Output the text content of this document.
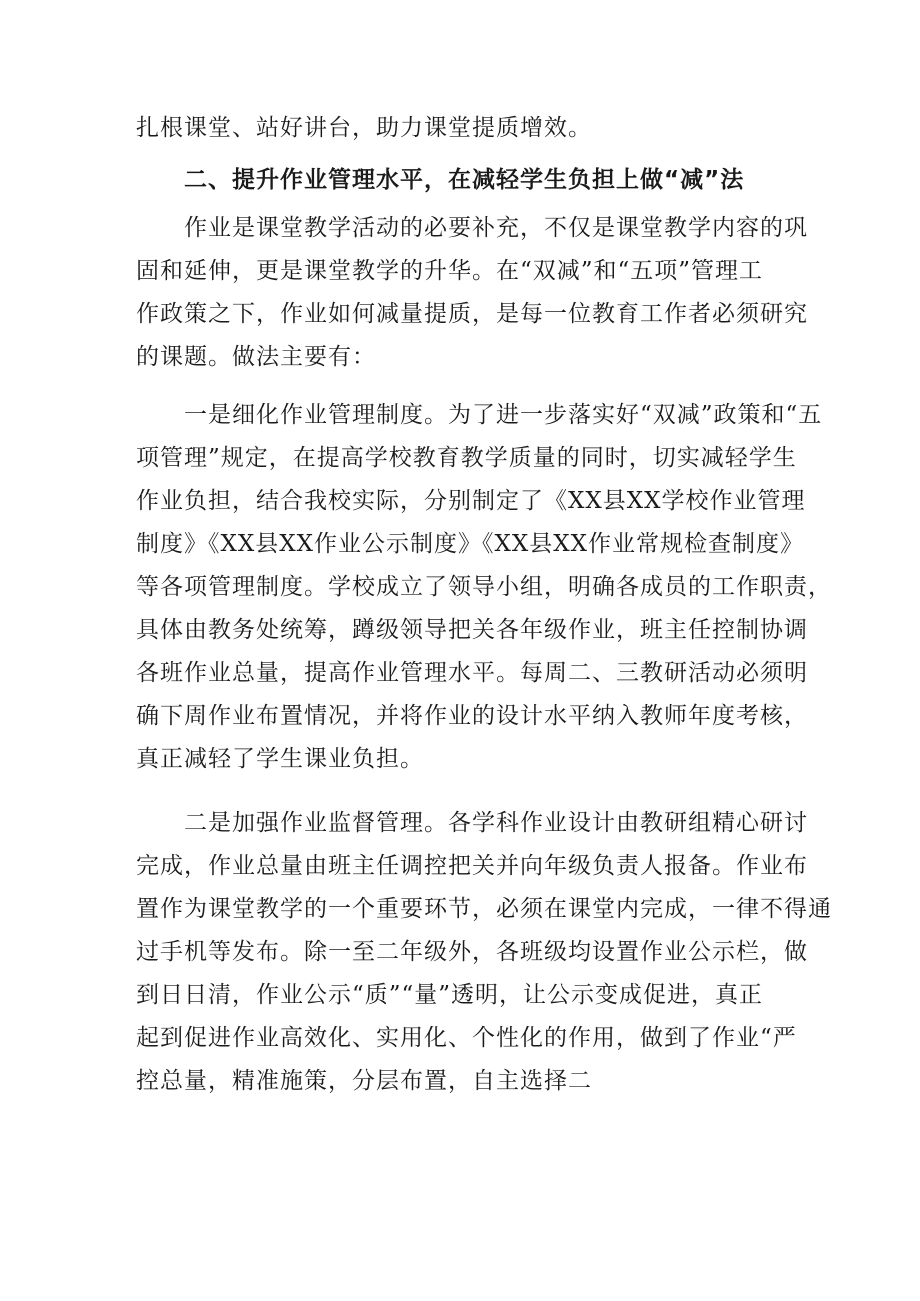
扎根课堂、站好讲台，助力课堂提质增效。
二、提升作业管理水平，在减轻学生负担上做“减”法
作业是课堂教学活动的必要补充，不仅是课堂教学内容的巩
固和延伸，更是课堂教学的升华。在“双减”和“五项”管理工
作政策之下，作业如何减量提质，是每一位教育工作者必须研究
的课题。做法主要有：
一是细化作业管理制度。为了进一步落实好“双减”政策和“五
项管理”规定，在提高学校教育教学质量的同时，切实减轻学生
作业负担，结合我校实际，分别制定了《XX县XX学校作业管理
制度》《XX县XX作业公示制度》《XX县XX作业常规检查制度》
等各项管理制度。学校成立了领导小组，明确各成员的工作职责，
具体由教务处统筹，蹲级领导把关各年级作业，班主任控制协调
各班作业总量，提高作业管理水平。每周二、三教研活动必须明
确下周作业布置情况，并将作业的设计水平纳入教师年度考核，
真正减轻了学生课业负担。
二是加强作业监督管理。各学科作业设计由教研组精心研讨
完成，作业总量由班主任调控把关并向年级负责人报备。作业布
置作为课堂教学的一个重要环节，必须在课堂内完成，一律不得通
过手机等发布。除一至二年级外，各班级均设置作业公示栏，做
到日日清，作业公示“质”“量”透明，让公示变成促进，真正
起到促进作业高效化、实用化、个性化的作用，做到了作业“严
控总量，精准施策，分层布置，自主选择二
